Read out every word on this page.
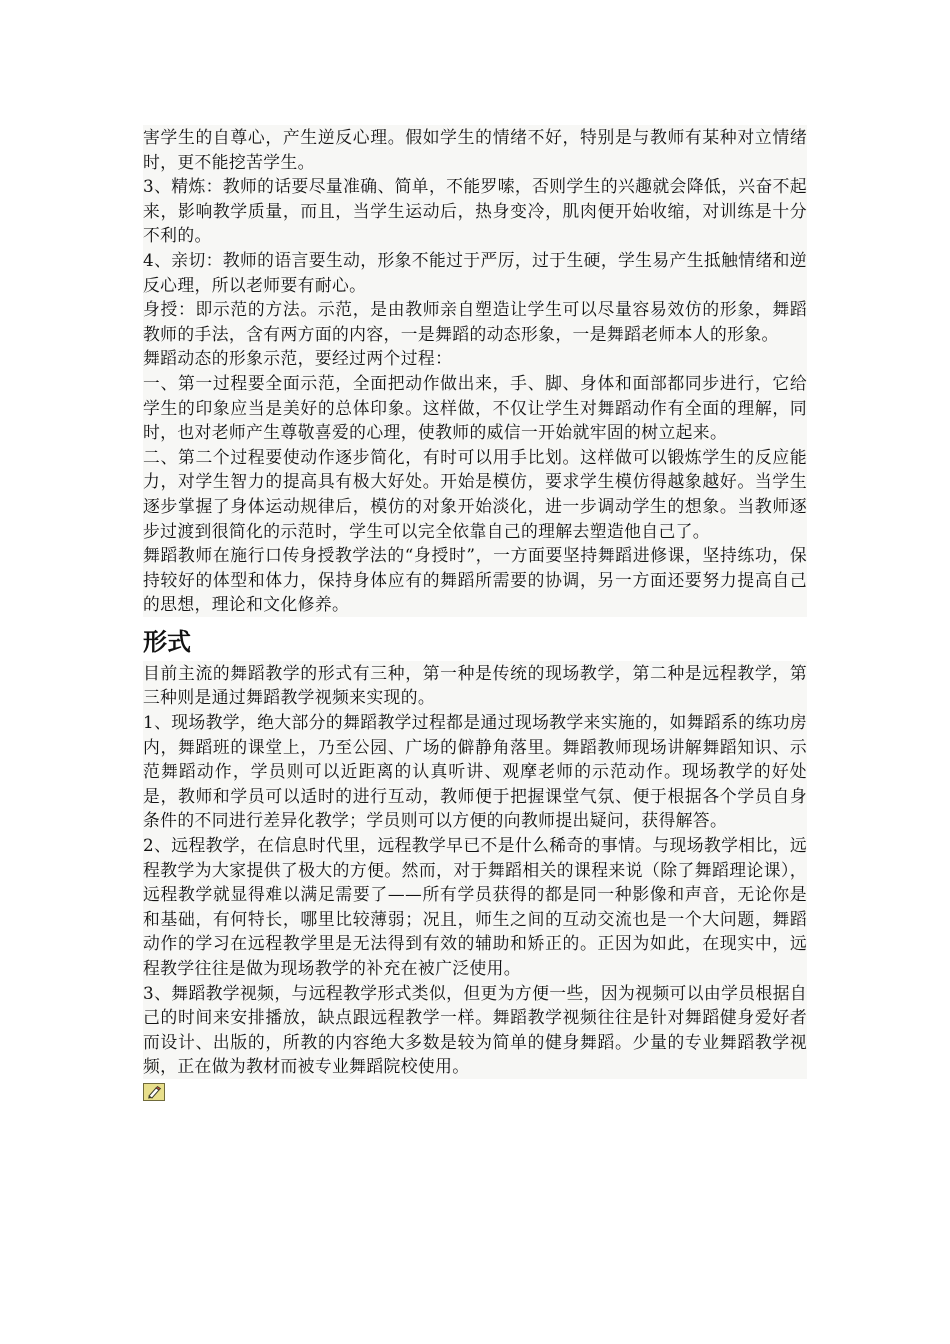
害学生的自尊心，产生逆反心理。假如学生的情绪不好，特别是与教师有某种对立情绪时，更不能挖苦学生。

3、精炼：教师的话要尽量准确、简单，不能罗嗦，否则学生的兴趣就会降低，兴奋不起来，影响教学质量，而且，当学生运动后，热身变冷，肌肉便开始收缩，对训练是十分不利的。

4、亲切：教师的语言要生动，形象不能过于严厉，过于生硬，学生易产生抵触情绪和逆反心理，所以老师要有耐心。

身授：即示范的方法。示范，是由教师亲自塑造让学生可以尽量容易效仿的形象，舞蹈教师的手法，含有两方面的内容，一是舞蹈的动态形象，一是舞蹈老师本人的形象。

舞蹈动态的形象示范，要经过两个过程：

一、第一过程要全面示范，全面把动作做出来，手、脚、身体和面部都同步进行，它给学生的印象应当是美好的总体印象。这样做，不仅让学生对舞蹈动作有全面的理解，同时，也对老师产生尊敬喜爱的心理，使教师的威信一开始就牢固的树立起来。

二、第二个过程要使动作逐步简化，有时可以用手比划。这样做可以锻炼学生的反应能力，对学生智力的提高具有极大好处。开始是模仿，要求学生模仿得越象越好。当学生逐步掌握了身体运动规律后，模仿的对象开始淡化，进一步调动学生的想象。当教师逐步过渡到很简化的示范时，学生可以完全依靠自己的理解去塑造他自己了。

舞蹈教师在施行口传身授教学法的“身授时”，一方面要坚持舞蹈进修课，坚持练功，保持较好的体型和体力，保持身体应有的舞蹈所需要的协调，另一方面还要努力提高自己的思想，理论和文化修养。

形式

目前主流的舞蹈教学的形式有三种，第一种是传统的现场教学，第二种是远程教学，第三种则是通过舞蹈教学视频来实现的。

1、现场教学，绝大部分的舞蹈教学过程都是通过现场教学来实施的，如舞蹈系的练功房内，舞蹈班的课堂上，乃至公园、广场的僻静角落里。舞蹈教师现场讲解舞蹈知识、示范舞蹈动作，学员则可以近距离的认真听讲、观摩老师的示范动作。现场教学的好处是，教师和学员可以适时的进行互动，教师便于把握课堂气氛、便于根据各个学员自身条件的不同进行差异化教学；学员则可以方便的向教师提出疑问，获得解答。

2、远程教学，在信息时代里，远程教学早已不是什么稀奇的事情。与现场教学相比，远程教学为大家提供了极大的方便。然而，对于舞蹈相关的课程来说（除了舞蹈理论课），远程教学就显得难以满足需要了——所有学员获得的都是同一种影像和声音，无论你是和基础，有何特长，哪里比较薄弱；况且，师生之间的互动交流也是一个大问题，舞蹈动作的学习在远程教学里是无法得到有效的辅助和矫正的。正因为如此，在现实中，远程教学往往是做为现场教学的补充在被广泛使用。

3、舞蹈教学视频，与远程教学形式类似，但更为方便一些，因为视频可以由学员根据自己的时间来安排播放，缺点跟远程教学一样。舞蹈教学视频往往是针对舞蹈健身爱好者而设计、出版的，所教的内容绝大多数是较为简单的健身舞蹈。少量的专业舞蹈教学视频，正在做为教材而被专业舞蹈院校使用。
